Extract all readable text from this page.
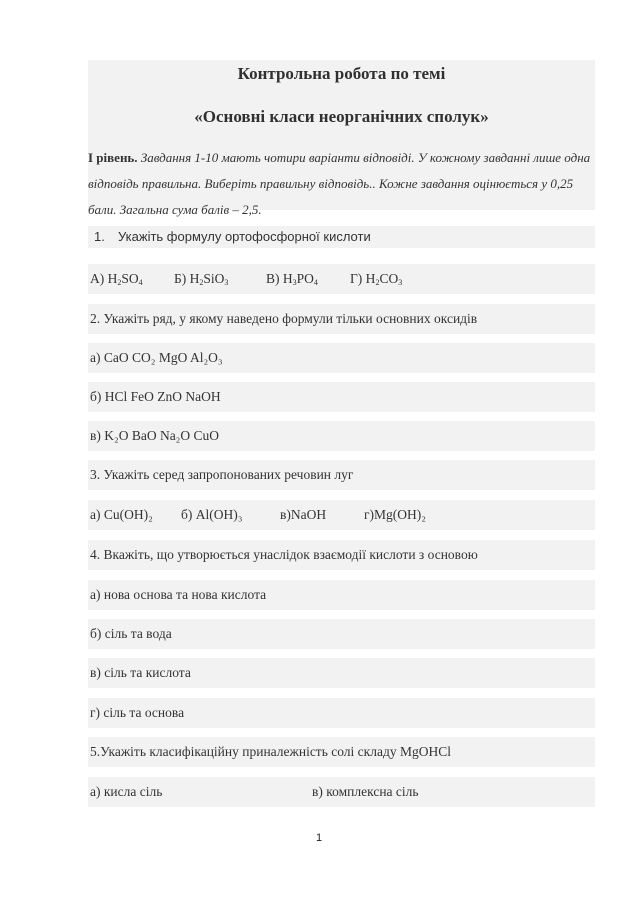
Контрольна робота по темі
«Основні класи неорганічних сполук»
І рівень. Завдання 1-10 мають чотири варіанти відповіді. У кожному завданні лише одна відповідь правильна. Виберіть правильну відповідь.. Кожне завдання оцінюється у 0,25 бали. Загальна сума балів – 2,5.
1. Укажіть формулу ортофосфорної кислоти
А) $H_2SO_4$ Б) $H_2SiO_3$	В) $H_3PO_4$ Г) $H_2CO_3$
2. Укажіть ряд, у якому наведено формули тільки основних оксидів
а) CaO CO₂ MgO Al₂O₃
б) HCl FeO ZnO NaOH
в) K₂O BaO Na₂O CuO
3. Укажіть серед запропонованих речовин луг
а) Cu(OH)₂ б) Al(OH)₃	в)NaOH	г)Mg(OH)₂
4. Вкажіть, що утворюється унаслідок взаємодії кислоти з основою
а) нова основа та нова кислота
б) сіль та вода
в) сіль та кислота
г) сіль та основа
5.Укажіть класифікаційну приналежність солі складу MgOHCl
а) кисла сіль	в) комплексна сіль
1
